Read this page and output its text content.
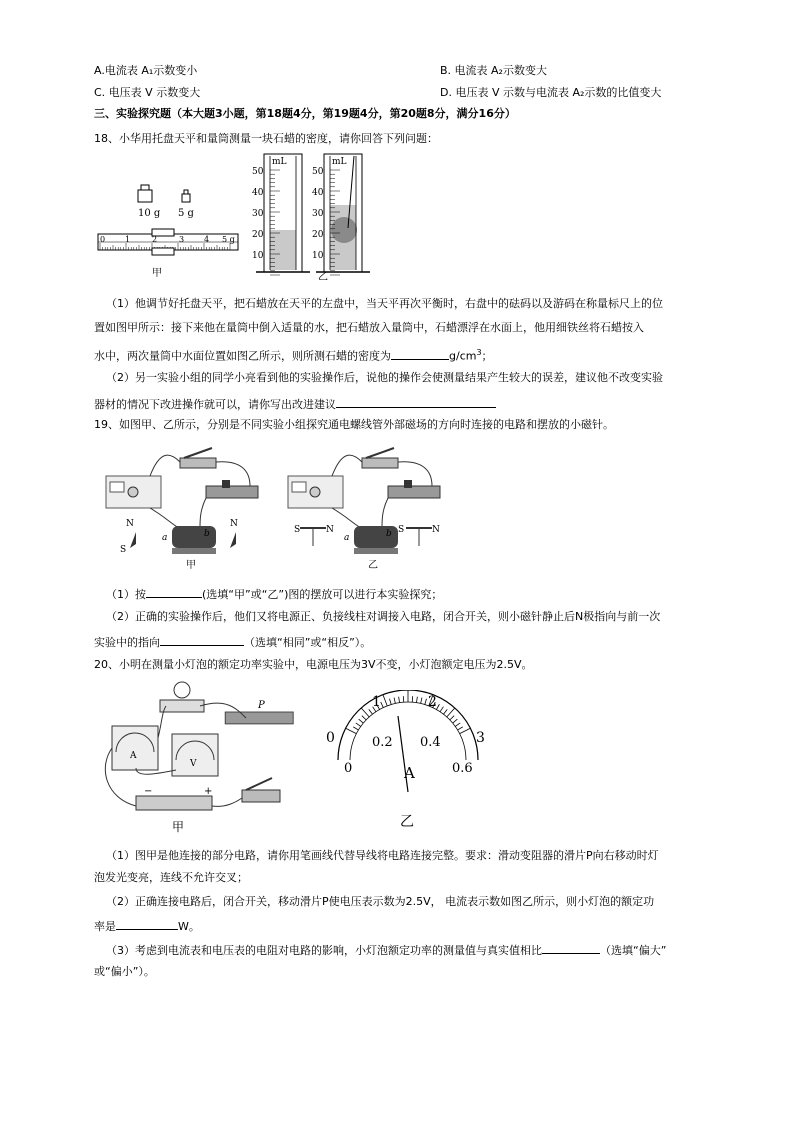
A.电流表 A₁示数变小	B. 电流表 A₂示数变大
C. 电压表 V 示数变大	D. 电压表 V 示数与电流表 A₂示数的比值变大
三、实验探究题（本大题3小题，第18题4分，第19题4分，第20题8分，满分16分）
18、小华用托盘天平和量筒测量一块石蜡的密度，请你回答下列问题：
10 g 5 g
0 1	2	3 4 5 g
甲
mL
50
40
30
20
10
mL
50
40
30
20
10
乙
（1）他调节好托盘天平，把石蜡放在天平的左盘中，当天平再次平衡时，右盘中的砝码以及游码在称量标尺上的位
置如图甲所示：接下来他在量筒中倒入适量的水，把石蜡放入量筒中，石蜡漂浮在水面上，他用细铁丝将石蜡按入
水中，两次量筒中水面位置如图乙所示，则所测石蜡的密度为	$g/cm^3$；
（2）另一实验小组的同学小亮看到他的实验操作后，说他的操作会使测量结果产生较大的误差，建议他不改变实验
器材的情况下改进操作就可以，请你写出改进建议
19、如图甲、乙所示，分别是不同实验小组探究通电螺线管外部磁场的方向时连接的电路和摆放的小磁针。
N
S
N
a	b
甲
S	N	S	N
a	b
乙
（1）按	(选填“甲”或“乙”)图的摆放可以进行本实验探究；
（2）正确的实验操作后，他们又将电源正、负接线柱对调接入电路，闭合开关，则小磁针静止后N极指向与前一次
实验中的指向	（选填“相同”或“相反”）。
20、小明在测量小灯泡的额定功率实验中，电源电压为3V不变，小灯泡额定电压为2.5V。
P
A
V
−	+
甲
0
1	2
3
0
0.2 0.4
0.6
A
乙
（1）图甲是他连接的部分电路，请你用笔画线代替导线将电路连接完整。要求：滑动变阻器的滑片P向右移动时灯
泡发光变亮，连线不允许交叉；
（2）正确连接电路后，闭合开关，移动滑片P使电压表示数为2.5V， 电流表示数如图乙所示，则小灯泡的额定功
率是	W。
（3）考虑到电流表和电压表的电阻对电路的影响，小灯泡额定功率的测量值与真实值相比	（选填“偏大”
或“偏小”）。
